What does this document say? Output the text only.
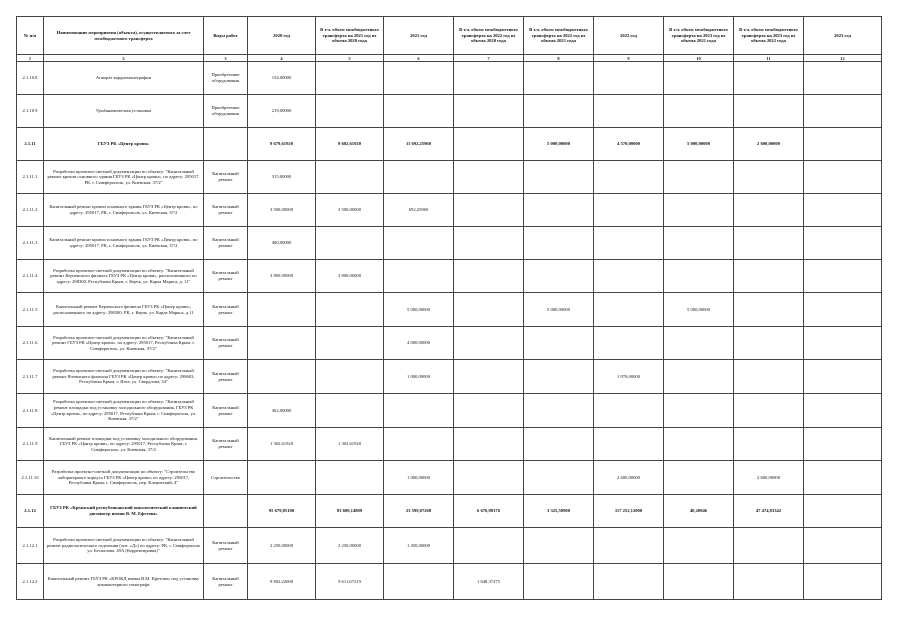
№ п/п	Наименование мероприятия (объекта), осуществляемого за счет межбюджетного трансферта	Виды работ	2020 год	В т.ч. объем межбюджетного трансферта на 2021 год из объема 2020 года	2021 год	В т.ч. объем межбюджетного трансферта на 2022 год из объема 2020 года	В т.ч. объем межбюджетного трансферта на 2022 год из объема 2021 года	2022 год	В т.ч. объем межбюджетного трансферта на 2023 год из объема 2021 года	В т.ч. объем межбюджетного трансферта на 2023 год из объема 2022 года	2023 год
1	2	3	4	5	6	7	8	9	10	11	12
2.1.10.8	Аппарат кардиомонографии	Приобретение оборудования	154,00000								
2.1.10.9	Урodинамическая установка	Приобретение оборудования	219,00000								
2.1.11	ГБУЗ РК «Центр крови»		9 679,61920	9 602,61920	11 692,25960		5 000,00000	4 570,00000	5 000,00000	2 600,00000	
2.1.11.1	Разработка проектно-сметной документации по объекту: "Капитальный ремонт кровли основного здания ГБУЗ РК «Центр крови», по адресу: 295017, РК, г. Симферополь, ул. Киевская, 37/2"	Капитальный ремонт	315,00000								
2.1.11.2	Капитальный ремонт кровли основного здания ГБУЗ РК «Центр крови», по адресу: 295017, РК, г. Симферополь, ул. Киевская, 37/2	Капитальный ремонт	3 500,00000	3 500,00000	692,25960						
2.1.11.3	Капитальный ремонт кровли основного здания ГБУЗ РК «Центр крови», по адресу: 295017, РК, г. Симферополь, ул. Киевская, 37/2	Капитальный ремонт	400,00000								
2.1.11.4	Разработка проектно-сметной документации по объекту: "Капитальный ремонт Керченского филиала ГБУЗ РК «Центр крови», расположенного по адресу: 298300, Республика Крым, г. Керчь, ул. Карла Маркса, д. 11"	Капитальный ремонт	3 800,00000	3 800,00000							
2.1.11.5	Капитальный ремонт Керченского филиала ГБУЗ РК «Центр крови», расположенного по адресу: 298300, РК, г. Керчь, ул. Карла Маркса, д.11	Капитальный ремонт			5 000,00000		5 000,00000		5 000,00000		
2.1.11.6	Разработка проектно-сметной документации по объекту: "Капитальный ремонт ГБУЗ РК «Центр крови», по адресу: 295017, Республика Крым, г. Симферополь, ул. Киевская, 37/2"	Капитальный ремонт			4 000,00000						
2.1.11.7	Разработка проектно-сметной документации по объекту: "Капитальный ремонт Ялтинского филиала ГБУЗ РК «Центр крови» по адресу: 298603, Республика Крым, г. Ялта, ул. Свердлова, 34"	Капитальный ремонт			1 000,00000			1 970,00000			
2.1.11.8	Разработка проектно-сметной документации по объекту: "Капитальный ремонт площадки под установку холодильного оборудования, ГБУЗ РК «Центр крови», по адресу: 295017, Республика Крым, г. Симферополь, ул. Киевская, 37/2"	Капитальный ремонт	362,00000								
2.1.11.9	Капитальный ремонт площадки под установку холодильного оборудования, ГБУЗ РК «Центр крови», по адресу: 295017, Республика Крым, г. Симферополь, ул. Киевская, 37/2	Капитальный ремонт	1 302,61920	1 302,61920							
2.1.11.10	Разработка проектно-сметной документации по объекту: "Строительство лабораторного корпуса ГБУЗ РК «Центр крови» по адресу: 295017, Республика Крым, г. Симферополь, пер. Кленовский, 4"	Строительство			1 000,00000			2 600,00000		2 600,00000	
2.1.12	ГБУЗ РК «Крымский республиканский онкологический клинический диспансер имени В. М. Ефетова»		95 679,85100	83 600,14809	23 599,07268	6 676,98376	3 325,50900	117 252,12000	40,20046	47 474,83342	
2.1.12.1	Разработка проектно-сметной документации по объекту: "Капитальный ремонт радиологического отделения (лит. «Д») по адресу: РК, г. Симферополь ул. Беспалова, 49А (Корректировка)"	Капитальный ремонт	2 250,00000	2 250,00000	1 450,00000						
2.1.12.2	Капитальный ремонт ГБУЗ РК «КРОКД имени В.М. Ефетова» под установку компьютерного томографа	Капитальный ремонт	9 802,22000	9 611,67319		1 648,37275					
